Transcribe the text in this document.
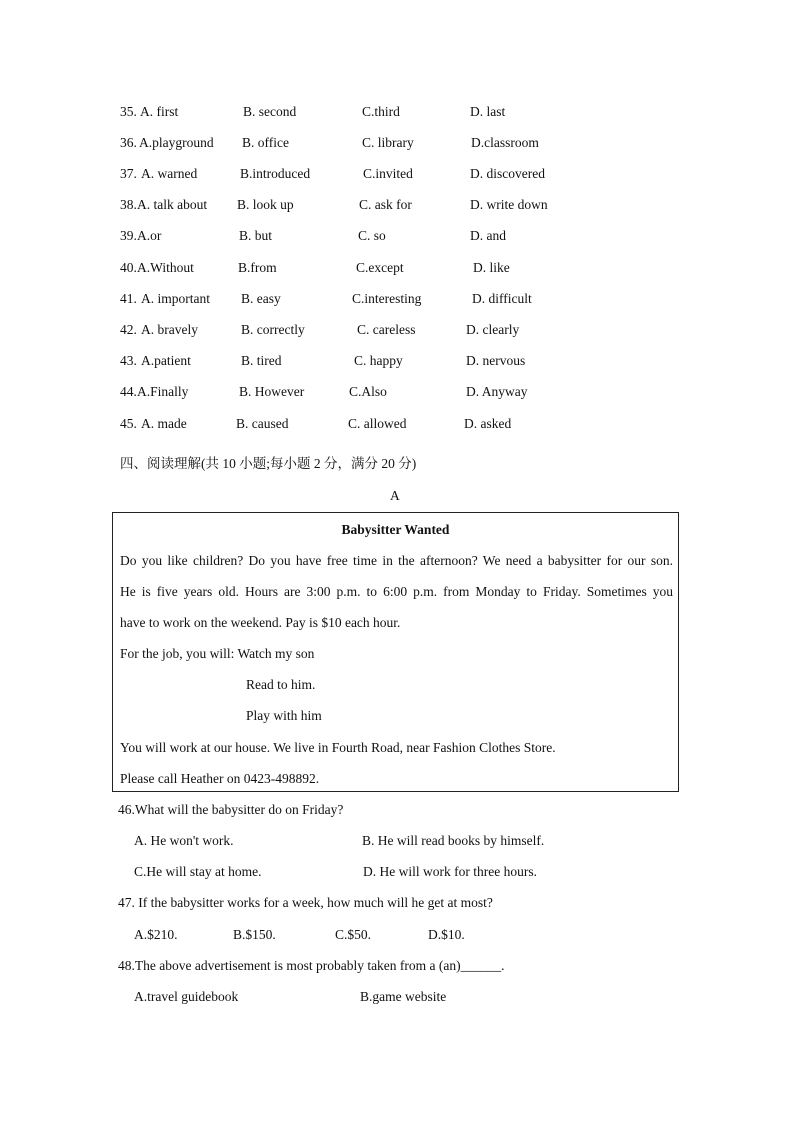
35. A. first	B. second	C.third	D. last
36. A.playground B. office	C. library	D.classroom
37. A. warned	B.introduced	C.invited	D. discovered
38. A. talk about B. look up	C. ask for	D. write down
39. A.or	B. but	C. so	D. and
40. A.Without	B.from	C.except	D. like
41. A. important B. easy	C.interesting	D. difficult
42. A. bravely	B. correctly	C. careless	D. clearly
43. A.patient	B. tired	C. happy	D. nervous
44. A.Finally	B. However	C.Also	D. Anyway
45. A. made	B. caused	C. allowed	D. asked
四、阅读理解(共 10 小题;每小题 2 分，满分 20 分)
A
Babysitter Wanted
Do you like children? Do you have free time in the afternoon? We need a babysitter for our son.
He is five years old. Hours are 3:00 p.m. to 6:00 p.m. from Monday to Friday. Sometimes you
have to work on the weekend. Pay is $10 each hour.
For the job, you will: Watch my son
Read to him.
Play with him
You will work at our house. We live in Fourth Road, near Fashion Clothes Store.
Please call Heather on 0423-498892.
46.What will the babysitter do on Friday?
A. He won't work.	B. He will read books by himself.
C.He will stay at home.	D. He will work for three hours.
47. If the babysitter works for a week, how much will he get at most?
A.$210.	B.$150.	C.$50.	D.$10.
48.The above advertisement is most probably taken from a (an)______.
A.travel guidebook	B.game website
